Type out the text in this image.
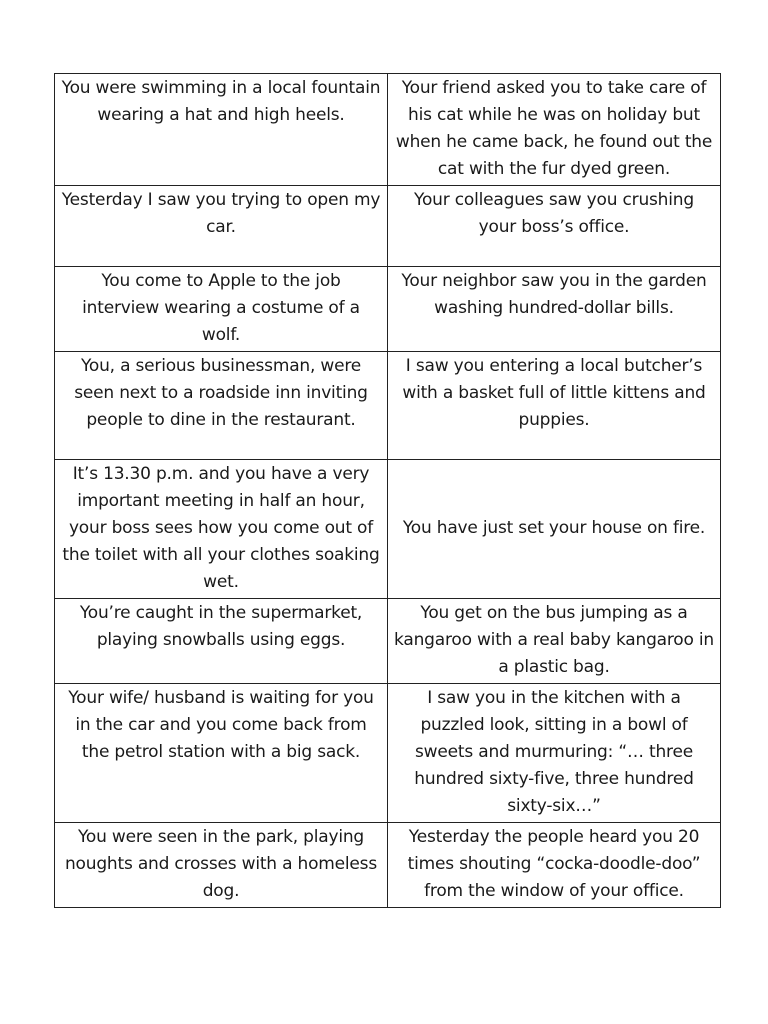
You were swimming in a local fountain wearing a hat and high heels.	Your friend asked you to take care of his cat while he was on holiday but when he came back, he found out the cat with the fur dyed green.
Yesterday I saw you trying to open my car.	Your colleagues saw you crushing your boss’s office.
You come to Apple to the job interview wearing a costume of a wolf.	Your neighbor saw you in the garden washing hundred-dollar bills.
You, a serious businessman, were seen next to a roadside inn inviting people to dine in the restaurant.	I saw you entering a local butcher’s with a basket full of little kittens and puppies.
It’s 13.30 p.m. and you have a very important meeting in half an hour, your boss sees how you come out of the toilet with all your clothes soaking wet.	You have just set your house on fire.
You’re caught in the supermarket, playing snowballs using eggs.	You get on the bus jumping as a kangaroo with a real baby kangaroo in a plastic bag.
Your wife/ husband is waiting for you in the car and you come back from the petrol station with a big sack.	I saw you in the kitchen with a puzzled look, sitting in a bowl of sweets and murmuring: “… three hundred sixty-five, three hundred sixty-six…”
You were seen in the park, playing noughts and crosses with a homeless dog.	Yesterday the people heard you 20 times shouting “cocka-doodle-doo” from the window of your office.
